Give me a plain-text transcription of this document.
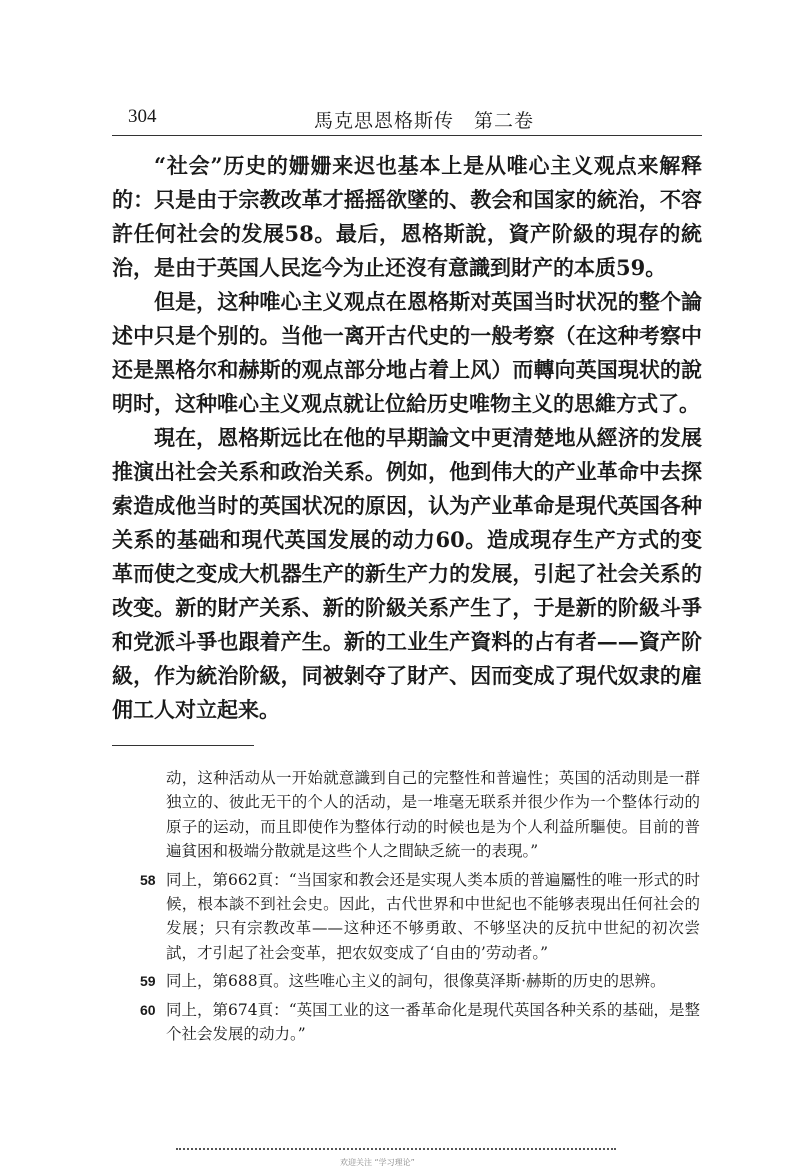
304	馬克思恩格斯传　第二卷

“社会”历史的姗姗来迟也基本上是从唯心主义观点来解释的：只是由于宗教改革才摇摇欲墜的、教会和国家的統治，不容許任何社会的发展58。最后，恩格斯說，資产阶級的現存的統治，是由于英国人民迄今为止还沒有意識到財产的本质59。

但是，这种唯心主义观点在恩格斯对英国当时状况的整个論述中只是个别的。当他一离开古代史的一般考察（在这种考察中还是黑格尔和赫斯的观点部分地占着上风）而轉向英国現状的說明时，这种唯心主义观点就让位給历史唯物主义的思維方式了。

現在，恩格斯远比在他的早期論文中更清楚地从經济的发展推演出社会关系和政治关系。例如，他到伟大的产业革命中去探索造成他当时的英国状况的原因，认为产业革命是現代英国各种关系的基础和現代英国发展的动力60。造成現存生产方式的变革而使之变成大机器生产的新生产力的发展，引起了社会关系的改变。新的財产关系、新的阶級关系产生了，于是新的阶級斗爭和党派斗爭也跟着产生。新的工业生产資料的占有者——資产阶級，作为統治阶級，同被剝夺了財产、因而变成了現代奴隶的雇佣工人对立起来。

动，这种活动从一开始就意識到自己的完整性和普遍性；英国的活动則是一群独立的、彼此无干的个人的活动，是一堆毫无联系并很少作为一个整体行动的原子的运动，而且即使作为整体行动的时候也是为个人利益所驅使。目前的普遍貧困和极端分散就是这些个人之間缺乏統一的表現。”

58 同上，第662頁：“当国家和教会还是实現人类本质的普遍屬性的唯一形式的时候，根本談不到社会史。因此，古代世界和中世紀也不能够表現出任何社会的发展；只有宗教改革——这种还不够勇敢、不够坚决的反抗中世紀的初次尝試，才引起了社会变革，把农奴变成了‘自由的’劳动者。”
59 同上，第688頁。这些唯心主义的詞句，很像莫泽斯·赫斯的历史的思辨。
60 同上，第674頁：“英国工业的这一番革命化是現代英国各种关系的基础，是整个社会发展的动力。”
欢迎关注 “学习理论”
